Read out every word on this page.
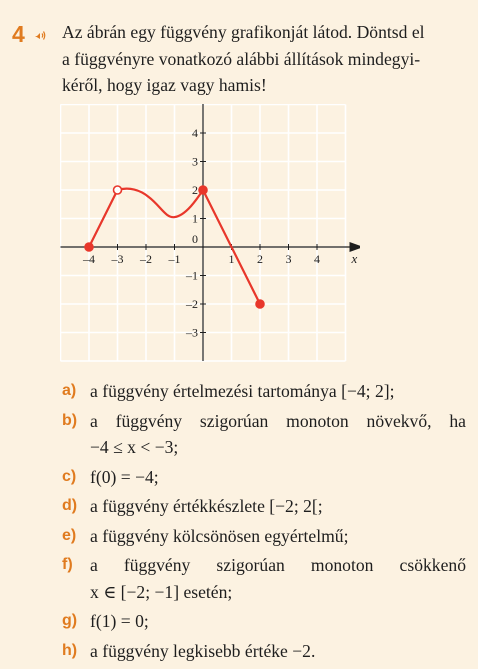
4 Az ábrán egy függvény grafikonját látod. Döntsd el
a függvényre vonatkozó alábbi állítások mindegyi-
kéről, hogy igaz vagy hamis!
–4 –3 –2 –1	1 2 3 4
4
3
2
1
–1
–2
–3
0
x
a) a függvény értelmezési tartománya [−4; 2];
b) a függvény szigorúan monoton növekvő, ha
−4 ≤ x < −3;
c) f(0) = −4;
d) a függvény értékkészlete [−2; 2[;
e) a függvény kölcsönösen egyértelmű;
f) a függvény szigorúan monoton csökkenő
x ∈ [−2; −1] esetén;
g) f(1) = 0;
h) a függvény legkisebb értéke −2.
